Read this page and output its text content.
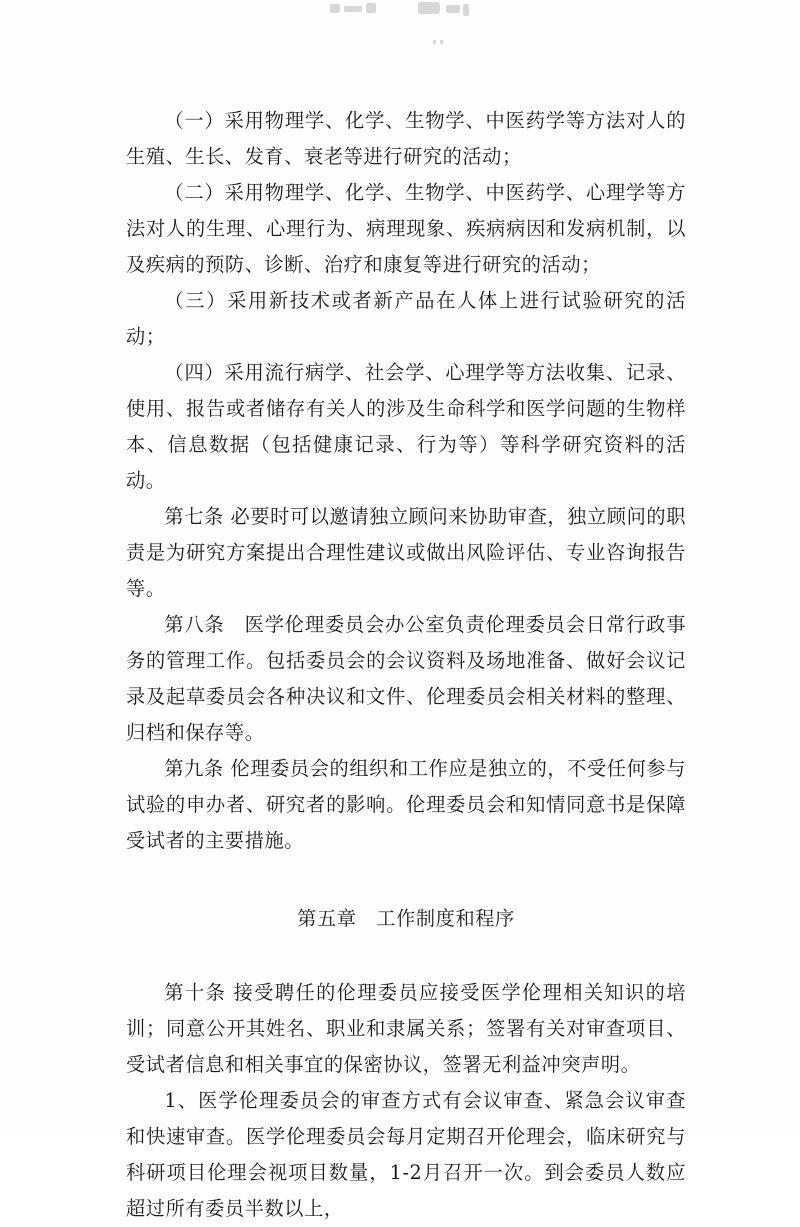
（一）采用物理学、化学、生物学、中医药学等方法对人的生殖、生长、发育、衰老等进行研究的活动；

（二）采用物理学、化学、生物学、中医药学、心理学等方法对人的生理、心理行为、病理现象、疾病病因和发病机制，以及疾病的预防、诊断、治疗和康复等进行研究的活动；

（三）采用新技术或者新产品在人体上进行试验研究的活动；

（四）采用流行病学、社会学、心理学等方法收集、记录、使用、报告或者储存有关人的涉及生命科学和医学问题的生物样本、信息数据（包括健康记录、行为等）等科学研究资料的活动。

第七条 必要时可以邀请独立顾问来协助审查，独立顾问的职责是为研究方案提出合理性建议或做出风险评估、专业咨询报告等。

第八条　医学伦理委员会办公室负责伦理委员会日常行政事务的管理工作。包括委员会的会议资料及场地准备、做好会议记录及起草委员会各种决议和文件、伦理委员会相关材料的整理、归档和保存等。

第九条 伦理委员会的组织和工作应是独立的，不受任何参与试验的申办者、研究者的影响。伦理委员会和知情同意书是保障受试者的主要措施。

第五章　工作制度和程序

第十条 接受聘任的伦理委员应接受医学伦理相关知识的培训；同意公开其姓名、职业和隶属关系；签署有关对审查项目、受试者信息和相关事宜的保密协议，签署无利益冲突声明。

1、医学伦理委员会的审查方式有会议审查、紧急会议审查和快速审查。医学伦理委员会每月定期召开伦理会，临床研究与科研项目伦理会视项目数量，1-2月召开一次。到会委员人数应超过所有委员半数以上，
